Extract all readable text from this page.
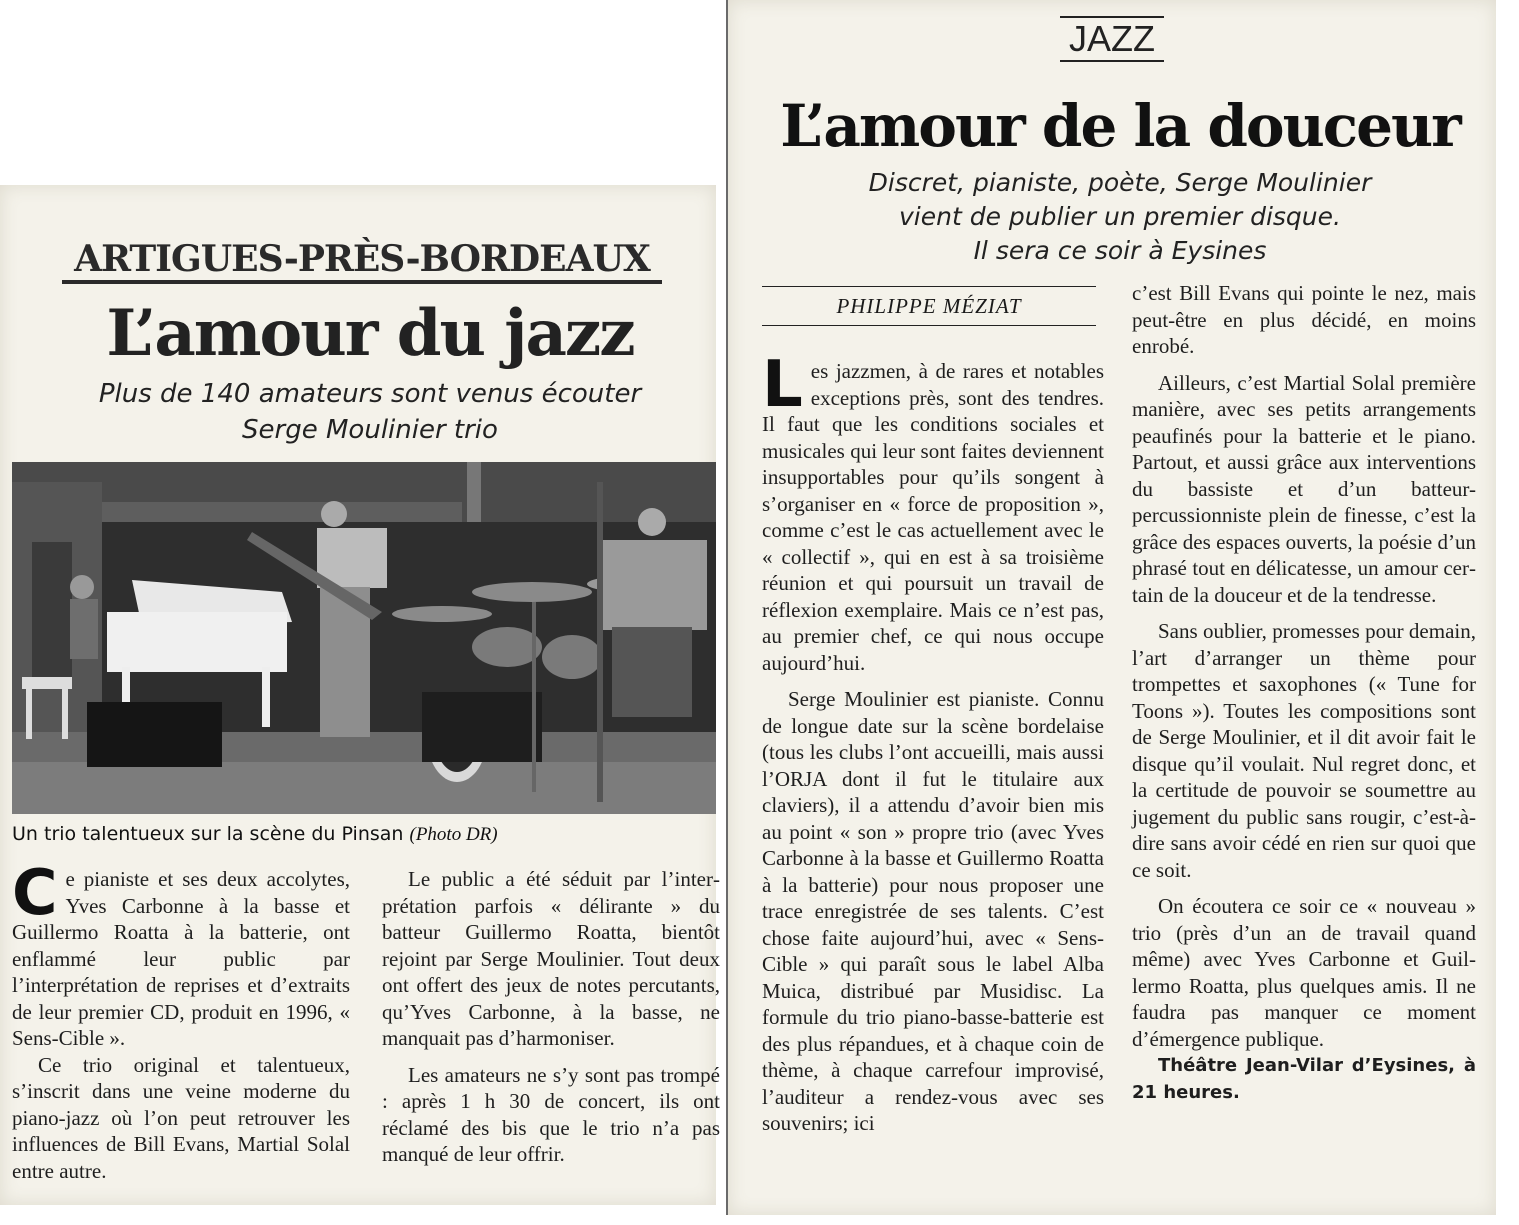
ARTIGUES-PRÈS-BORDEAUX
L’amour du jazz
Plus de 140 amateurs sont venus écouter
Serge Moulinier trio
Un trio talentueux sur la scène du Pinsan (Photo DR)

Ce pianiste et ses deux accolytes, Yves Carbonne à la basse et Guillermo Roatta à la batterie, ont enflammé leur public par l’interprétation de reprises et d’extraits de leur premier CD, produit en 1996, « Sens-Cible ».

Ce trio original et talentueux, s’inscrit dans une veine moderne du piano-jazz où l’on peut retrouver les influences de Bill Evans, Martial Solal entre autre.

Le public a été séduit par l’interprétation parfois « délirante » du batteur Guillermo Roatta, bientôt rejoint par Serge Moulinier. Tout deux ont offert des jeux de notes percutants, qu’Yves Carbonne, à la basse, ne manquait pas d’harmoniser.

Les amateurs ne s’y sont pas trompé : après 1 h 30 de concert, ils ont réclamé des bis que le trio n’a pas manqué de leur offrir.

JAZZ
L’amour de la douceur
Discret, pianiste, poète, Serge Moulinier
vient de publier un premier disque.
Il sera ce soir à Eysines
PHILIPPE MÉZIAT

Les jazzmen, à de rares et notables exceptions près, sont des tendres. Il faut que les conditions sociales et musicales qui leur sont faites deviennent insupportables pour qu’ils songent à s’organiser en « force de proposition », comme c’est le cas actuellement avec le « collectif », qui en est à sa troisième réunion et qui poursuit un travail de réflexion exemplaire. Mais ce n’est pas, au premier chef, ce qui nous occupe aujourd’hui.

Serge Moulinier est pianiste. Connu de longue date sur la scène bordelaise (tous les clubs l’ont accueilli, mais aussi l’ORJA dont il fut le titulaire aux claviers), il a attendu d’avoir bien mis au point « son » propre trio (avec Yves Carbonne à la basse et Guillermo Roatta à la batterie) pour nous proposer une trace enregistrée de ses talents. C’est chose faite aujourd’hui, avec « Sens-Cible » qui paraît sous le label Alba Muica, distribué par Musidisc. La formule du trio piano-basse-batterie est des plus répandues, et à chaque coin de thème, à chaque carrefour improvisé, l’auditeur a rendez-vous avec ses souvenirs; ici

c’est Bill Evans qui pointe le nez, mais peut-être en plus décidé, en moins enrobé.

Ailleurs, c’est Martial Solal première manière, avec ses petits arrangements peaufinés pour la batterie et le piano. Partout, et aussi grâce aux interventions du bassiste et d’un batteur-percussionniste plein de finesse, c’est la grâce des espaces ouverts, la poésie d’un phrasé tout en délicatesse, un amour certain de la douceur et de la tendresse.

Sans oublier, promesses pour demain, l’art d’arranger un thème pour trompettes et saxophones (« Tune for Toons »). Toutes les compositions sont de Serge Moulinier, et il dit avoir fait le disque qu’il voulait. Nul regret donc, et la certitude de pouvoir se soumettre au jugement du public sans rougir, c’est-à-dire sans avoir cédé en rien sur quoi que ce soit.

On écoutera ce soir ce « nouveau » trio (près d’un an de travail quand même) avec Yves Carbonne et Guillermo Roatta, plus quelques amis. Il ne faudra pas manquer ce moment d’émergence publique.

Théâtre Jean-Vilar d’Eysines, à 21 heures.
